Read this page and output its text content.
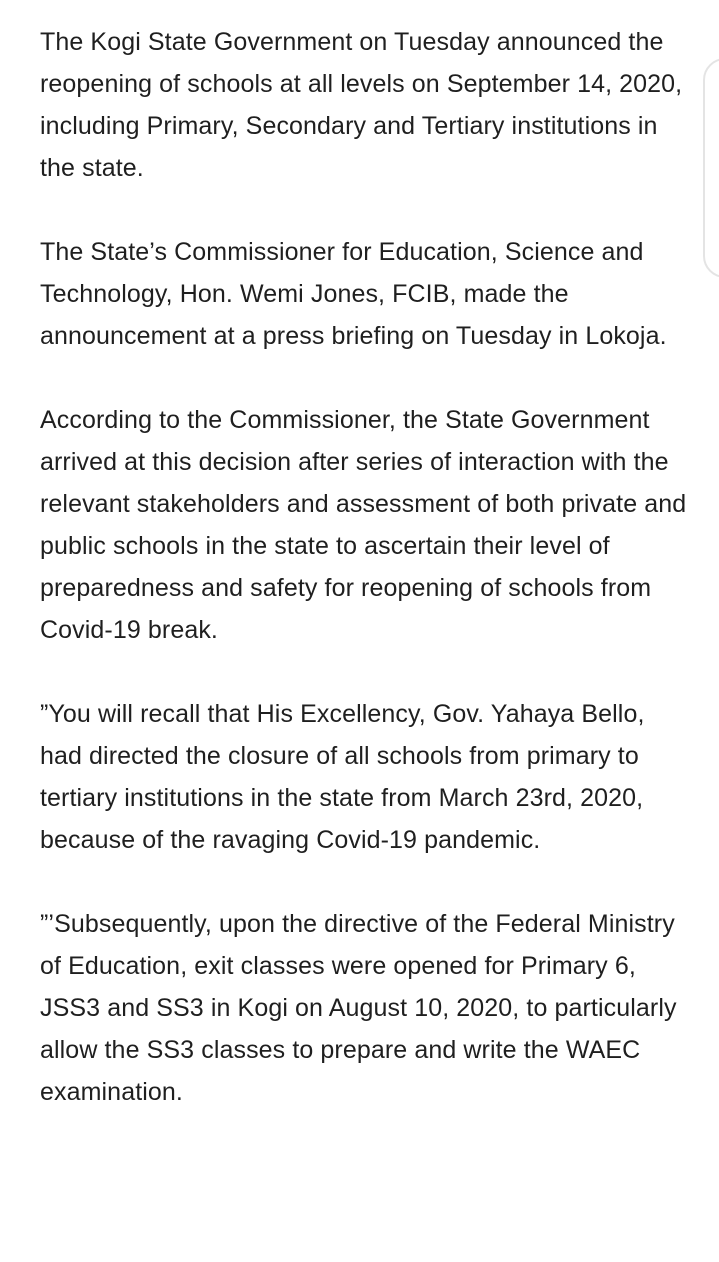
The Kogi State Government on Tuesday announced the reopening of schools at all levels on September 14, 2020, including Primary, Secondary and Tertiary institutions in the state.

The State’s Commissioner for Education, Science and Technology, Hon. Wemi Jones, FCIB, made the announcement at a press briefing on Tuesday in Lokoja.

According to the Commissioner, the State Government arrived at this decision after series of interaction with the relevant stakeholders and assessment of both private and public schools in the state to ascertain their level of preparedness and safety for reopening of schools from Covid-19 break.

”You will recall that His Excellency, Gov. Yahaya Bello, had directed the closure of all schools from primary to tertiary institutions in the state from March 23rd, 2020, because of the ravaging Covid-19 pandemic.

”’Subsequently, upon the directive of the Federal Ministry of Education, exit classes were opened for Primary 6, JSS3 and SS3 in Kogi on August 10, 2020, to particularly allow the SS3 classes to prepare and write the WAEC examination.
